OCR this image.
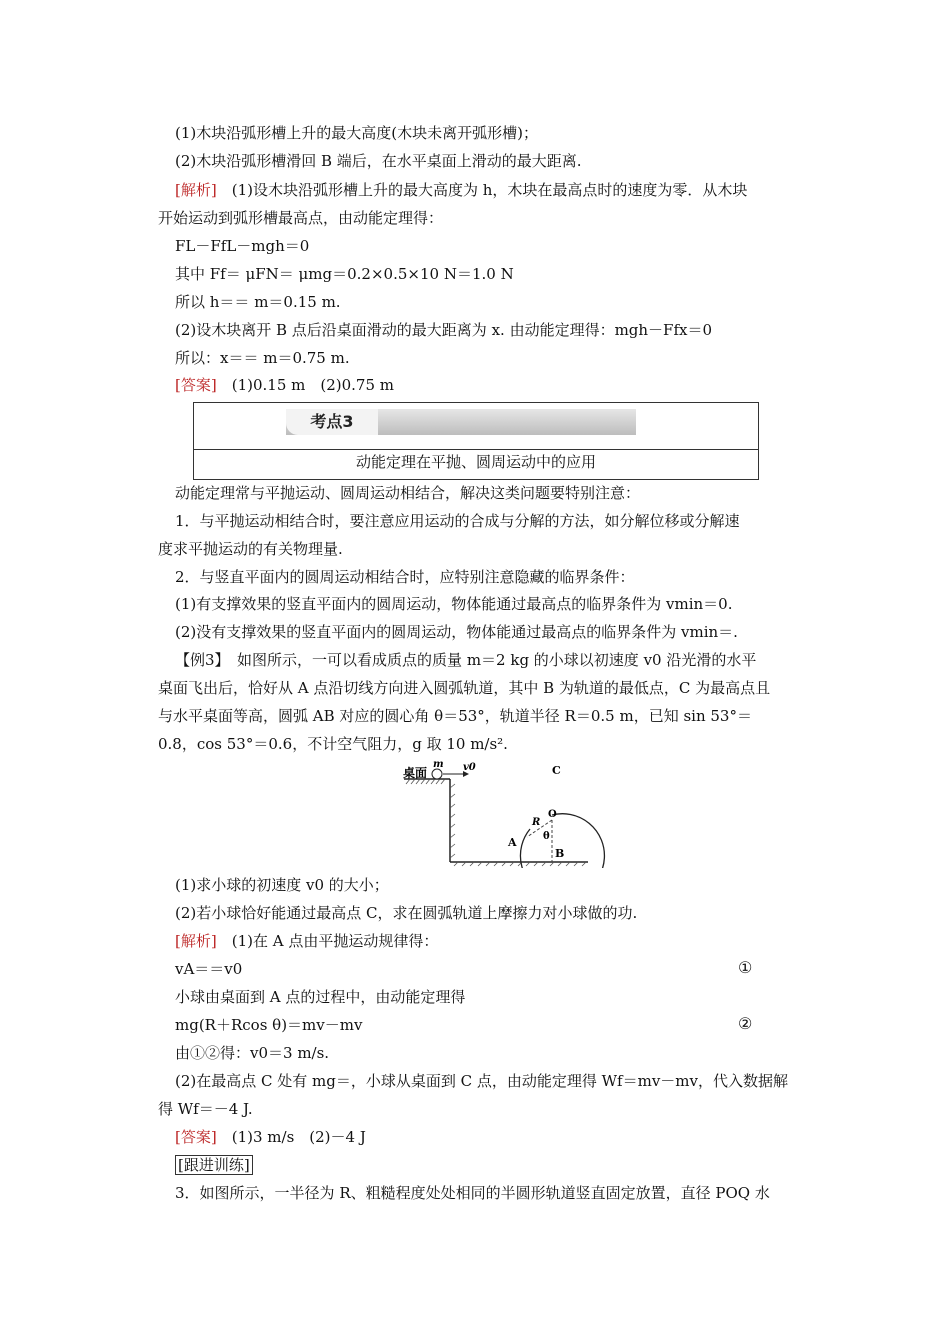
(1)木块沿弧形槽上升的最大高度(木块未离开弧形槽)；
(2)木块沿弧形槽滑回 B 端后，在水平桌面上滑动的最大距离.
[解析]　 (1)设木块沿弧形槽上升的最大高度为 h，木块在最高点时的速度为零．从木块
开始运动到弧形槽最高点，由动能定理得：
FL－FfL－mgh＝0
其中 Ff＝ μFN＝ μmg＝0.2×0.5×10 N＝1.0 N
所以 h＝＝ m＝0.15 m.
(2)设木块离开 B 点后沿桌面滑动的最大距离为 x. 由动能定理得：mgh－Ffx＝0
所以：x＝＝ m＝0.75 m.
[答案]　 (1)0.15 m　(2)0.75 m
考点3
动能定理在平抛、圆周运动中的应用
动能定理常与平抛运动、圆周运动相结合，解决这类问题要特别注意：
1．与平抛运动相结合时，要注意应用运动的合成与分解的方法，如分解位移或分解速
度求平抛运动的有关物理量.
2．与竖直平面内的圆周运动相结合时，应特别注意隐藏的临界条件：
(1)有支撑效果的竖直平面内的圆周运动，物体能通过最高点的临界条件为 vmin＝0.
(2)没有支撑效果的竖直平面内的圆周运动，物体能通过最高点的临界条件为 vmin＝.
【例3】　如图所示，一可以看成质点的质量 m＝2 kg 的小球以初速度 v0 沿光滑的水平
桌面飞出后，恰好从 A 点沿切线方向进入圆弧轨道，其中 B 为轨道的最低点，C 为最高点且
与水平桌面等高，圆弧 AB 对应的圆心角 θ＝53°，轨道半径 R＝0.5 m，已知 sin 53°＝
0.8，cos 53°＝0.6，不计空气阻力，g 取 10 m/s².
桌面
m v0	C
O
R
θ
A
B
(1)求小球的初速度 v0 的大小；
(2)若小球恰好能通过最高点 C，求在圆弧轨道上摩擦力对小球做的功.
[解析]　 (1)在 A 点由平抛运动规律得：
vA＝＝v0	①
小球由桌面到 A 点的过程中，由动能定理得
mg(R＋Rcos θ)＝mv－mv	②
由①②得：v0＝3 m/s.
(2)在最高点 C 处有 mg＝，小球从桌面到 C 点，由动能定理得 Wf＝mv－mv，代入数据解
得 Wf＝－4 J.
[答案]　 (1)3 m/s　(2)－4 J
[跟进训练]
3．如图所示，一半径为 R、粗糙程度处处相同的半圆形轨道竖直固定放置，直径 POQ 水
